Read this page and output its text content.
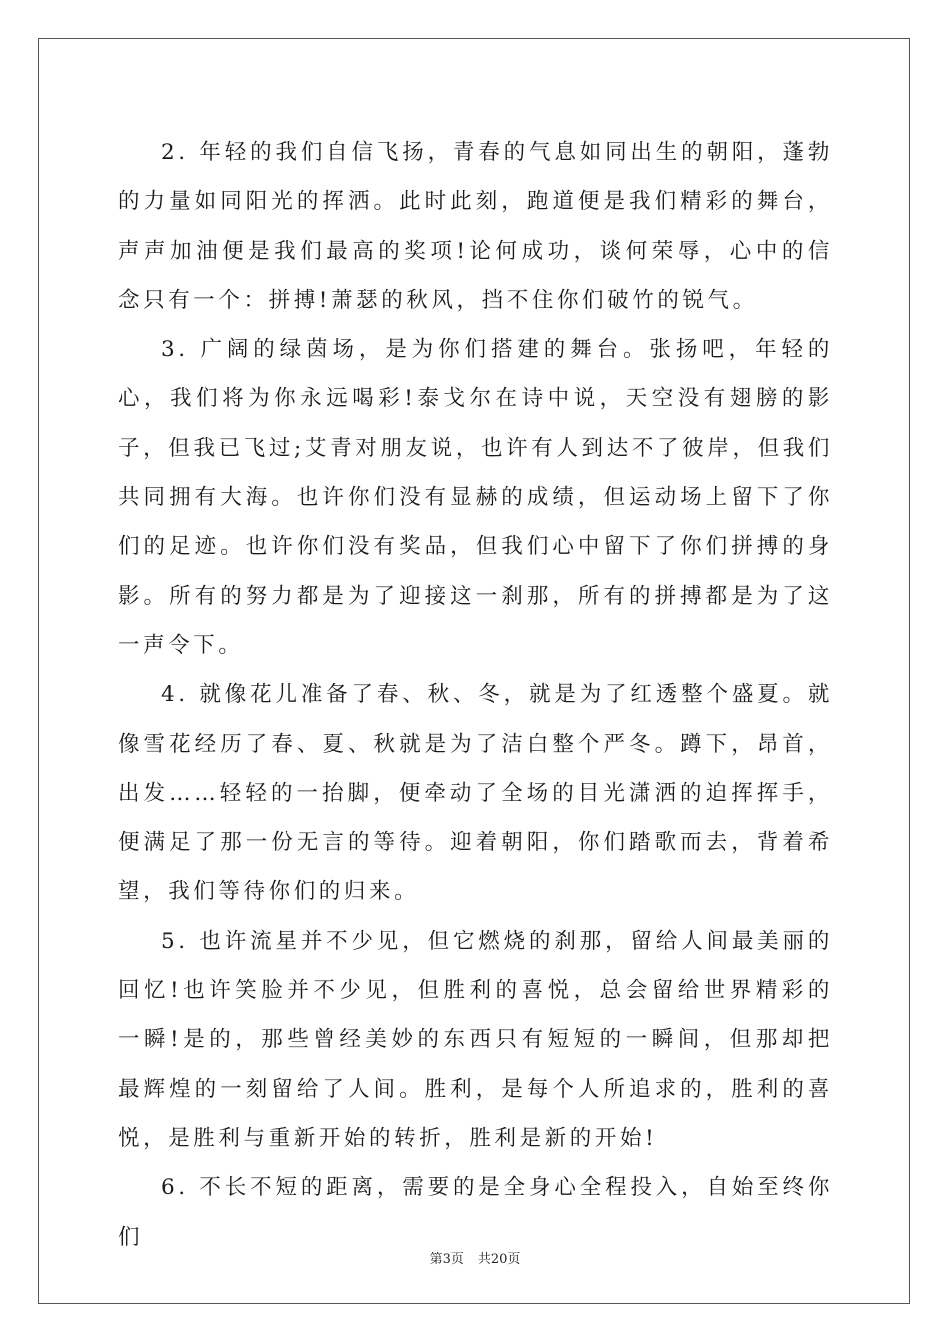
2. 年轻的我们自信飞扬，青春的气息如同出生的朝阳，蓬勃的力量如同阳光的挥洒。此时此刻，跑道便是我们精彩的舞台，声声加油便是我们最高的奖项!论何成功，谈何荣辱，心中的信念只有一个：拼搏!萧瑟的秋风，挡不住你们破竹的锐气。

3. 广阔的绿茵场，是为你们搭建的舞台。张扬吧，年轻的心，我们将为你永远喝彩!泰戈尔在诗中说，天空没有翅膀的影子，但我已飞过;艾青对朋友说，也许有人到达不了彼岸，但我们共同拥有大海。也许你们没有显赫的成绩，但运动场上留下了你们的足迹。也许你们没有奖品，但我们心中留下了你们拼搏的身影。所有的努力都是为了迎接这一刹那，所有的拼搏都是为了这一声令下。

4. 就像花儿准备了春、秋、冬，就是为了红透整个盛夏。就像雪花经历了春、夏、秋就是为了洁白整个严冬。蹲下，昂首，出发……轻轻的一抬脚，便牵动了全场的目光潇洒的迫挥挥手，便满足了那一份无言的等待。迎着朝阳，你们踏歌而去，背着希望，我们等待你们的归来。

5. 也许流星并不少见，但它燃烧的刹那，留给人间最美丽的回忆!也许笑脸并不少见，但胜利的喜悦，总会留给世界精彩的一瞬!是的，那些曾经美妙的东西只有短短的一瞬间，但那却把最辉煌的一刻留给了人间。胜利，是每个人所追求的，胜利的喜悦，是胜利与重新开始的转折，胜利是新的开始!

6. 不长不短的距离，需要的是全身心全程投入，自始至终你们

第3页 共20页
